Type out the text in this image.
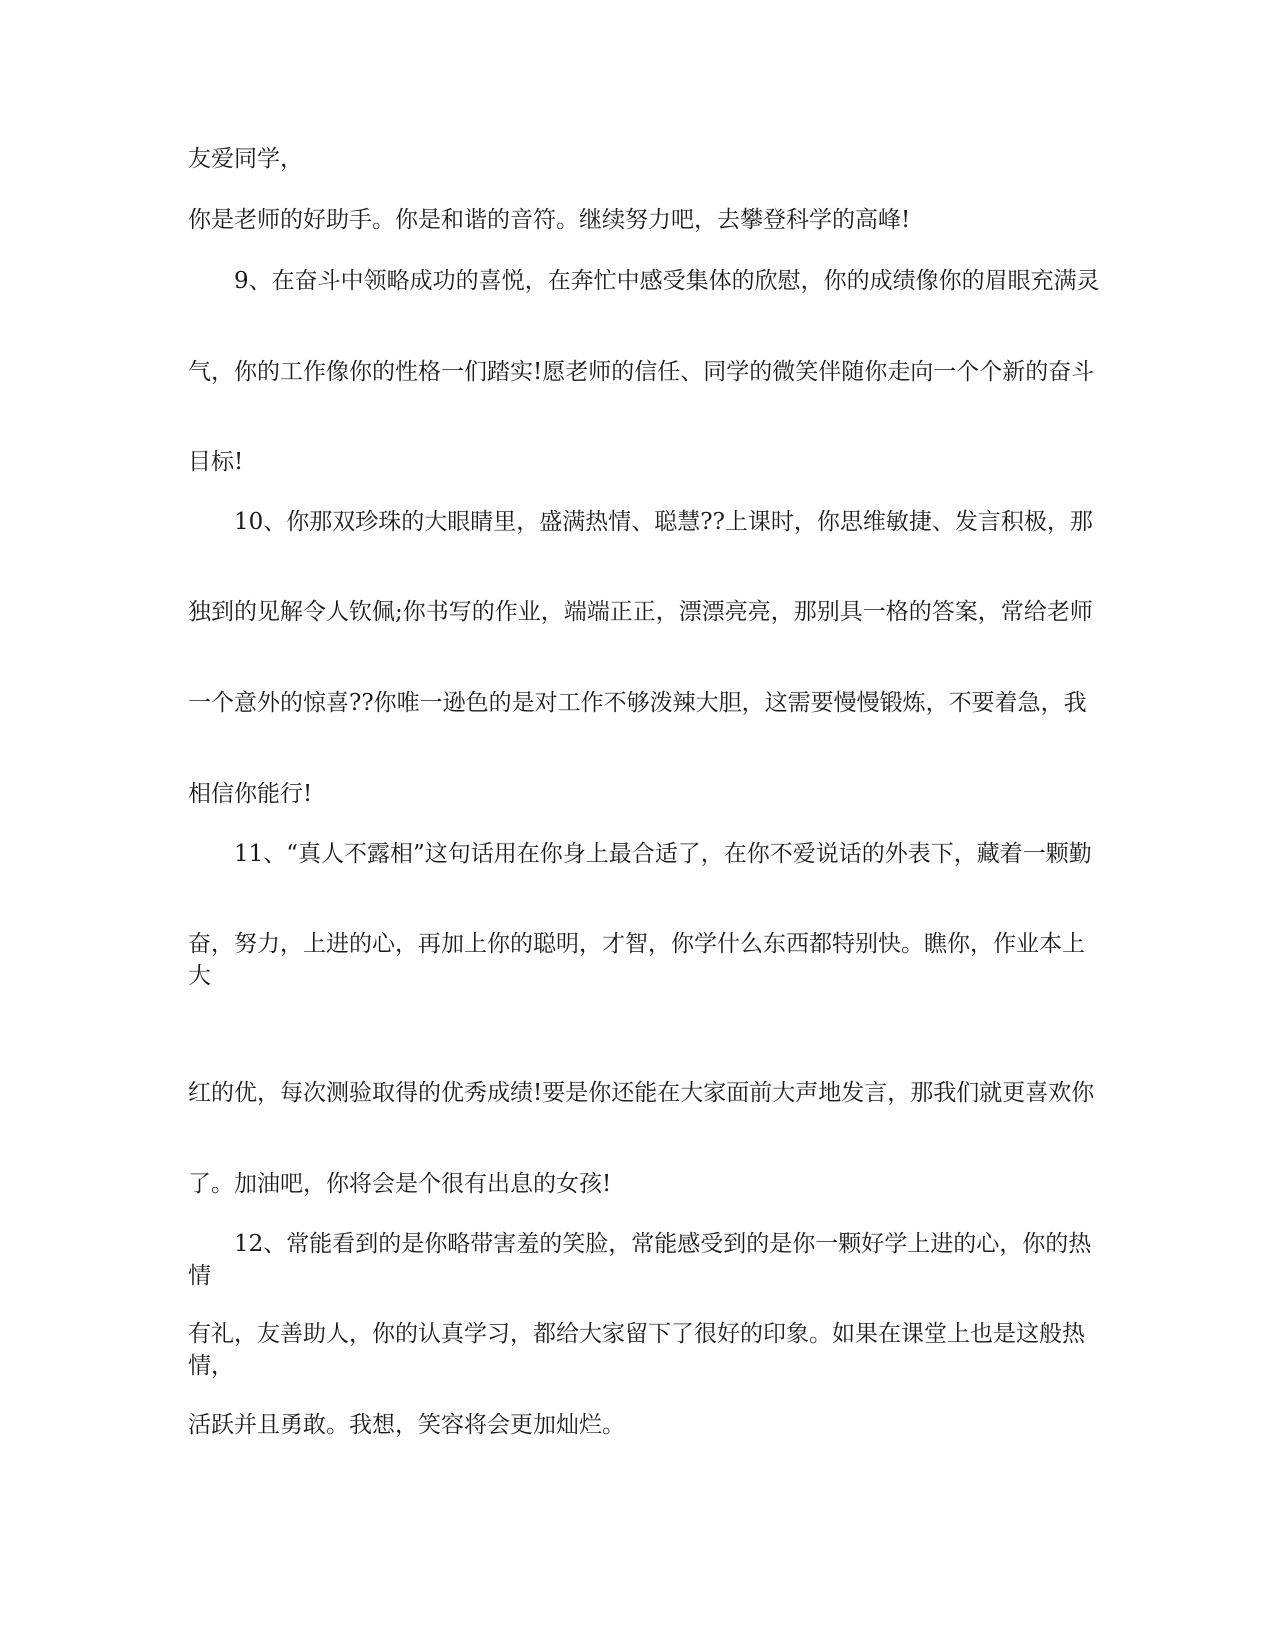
友爱同学，

你是老师的好助手。你是和谐的音符。继续努力吧，去攀登科学的高峰!

9、在奋斗中领略成功的喜悦，在奔忙中感受集体的欣慰，你的成绩像你的眉眼充满灵

气，你的工作像你的性格一们踏实!愿老师的信任、同学的微笑伴随你走向一个个新的奋斗

目标!

10、你那双珍珠的大眼睛里，盛满热情、聪慧??上课时，你思维敏捷、发言积极，那

独到的见解令人钦佩;你书写的作业，端端正正，漂漂亮亮，那别具一格的答案，常给老师

一个意外的惊喜??你唯一逊色的是对工作不够泼辣大胆，这需要慢慢锻炼，不要着急，我

相信你能行!

11、“真人不露相”这句话用在你身上最合适了，在你不爱说话的外表下，藏着一颗勤

奋，努力，上进的心，再加上你的聪明，才智，你学什么东西都特别快。瞧你，作业本上大

红的优，每次测验取得的优秀成绩!要是你还能在大家面前大声地发言，那我们就更喜欢你

了。加油吧，你将会是个很有出息的女孩!

12、常能看到的是你略带害羞的笑脸，常能感受到的是你一颗好学上进的心，你的热情

有礼，友善助人，你的认真学习，都给大家留下了很好的印象。如果在课堂上也是这般热情，

活跃并且勇敢。我想，笑容将会更加灿烂。
